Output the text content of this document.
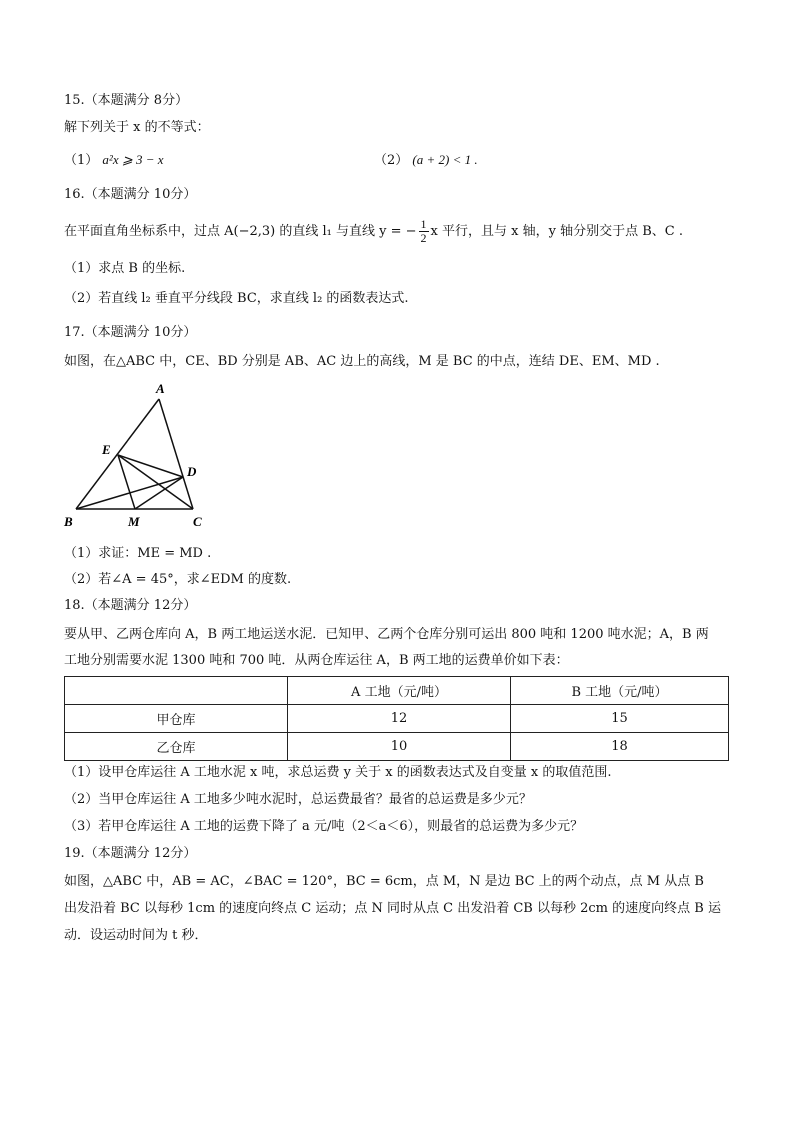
15.（本题满分 8分）
解下列关于 x 的不等式：
（1） a²x ⩾ 3 − x	（2） (a + 2) < 1 .
16.（本题满分 10分）
在平面直角坐标系中，过点 A(−2,3) 的直线 l₁ 与直线 y = − $\frac{1}{2}$ x 平行，且与 x 轴，y 轴分别交于点 B、C .
（1）求点 B 的坐标.
（2）若直线 l₂ 垂直平分线段 BC，求直线 l₂ 的函数表达式.
17.（本题满分 10分）
如图，在△ABC 中，CE、BD 分别是 AB、AC 边上的高线，M 是 BC 的中点，连结 DE、EM、MD .
A
E
D
B	M	C
（1）求证：ME = MD .
（2）若∠A = 45°，求∠EDM 的度数.
18.（本题满分 12分）
要从甲、乙两仓库向 A，B 两工地运送水泥．已知甲、乙两个仓库分别可运出 800 吨和 1200 吨水泥；A，B 两
工地分别需要水泥 1300 吨和 700 吨．从两仓库运往 A，B 两工地的运费单价如下表：
	A 工地（元/吨）	B 工地（元/吨）
甲仓库	12	15
乙仓库	10	18
（1）设甲仓库运往 A 工地水泥 x 吨，求总运费 y 关于 x 的函数表达式及自变量 x 的取值范围.
（2）当甲仓库运往 A 工地多少吨水泥时，总运费最省？最省的总运费是多少元？
（3）若甲仓库运往 A 工地的运费下降了 a 元/吨（2＜a＜6），则最省的总运费为多少元？
19.（本题满分 12分）
如图，△ABC 中，AB = AC，∠BAC = 120°，BC = 6cm，点 M，N 是边 BC 上的两个动点，点 M 从点 B
出发沿着 BC 以每秒 1cm 的速度向终点 C 运动；点 N 同时从点 C 出发沿着 CB 以每秒 2cm 的速度向终点 B 运
动．设运动时间为 t 秒．
